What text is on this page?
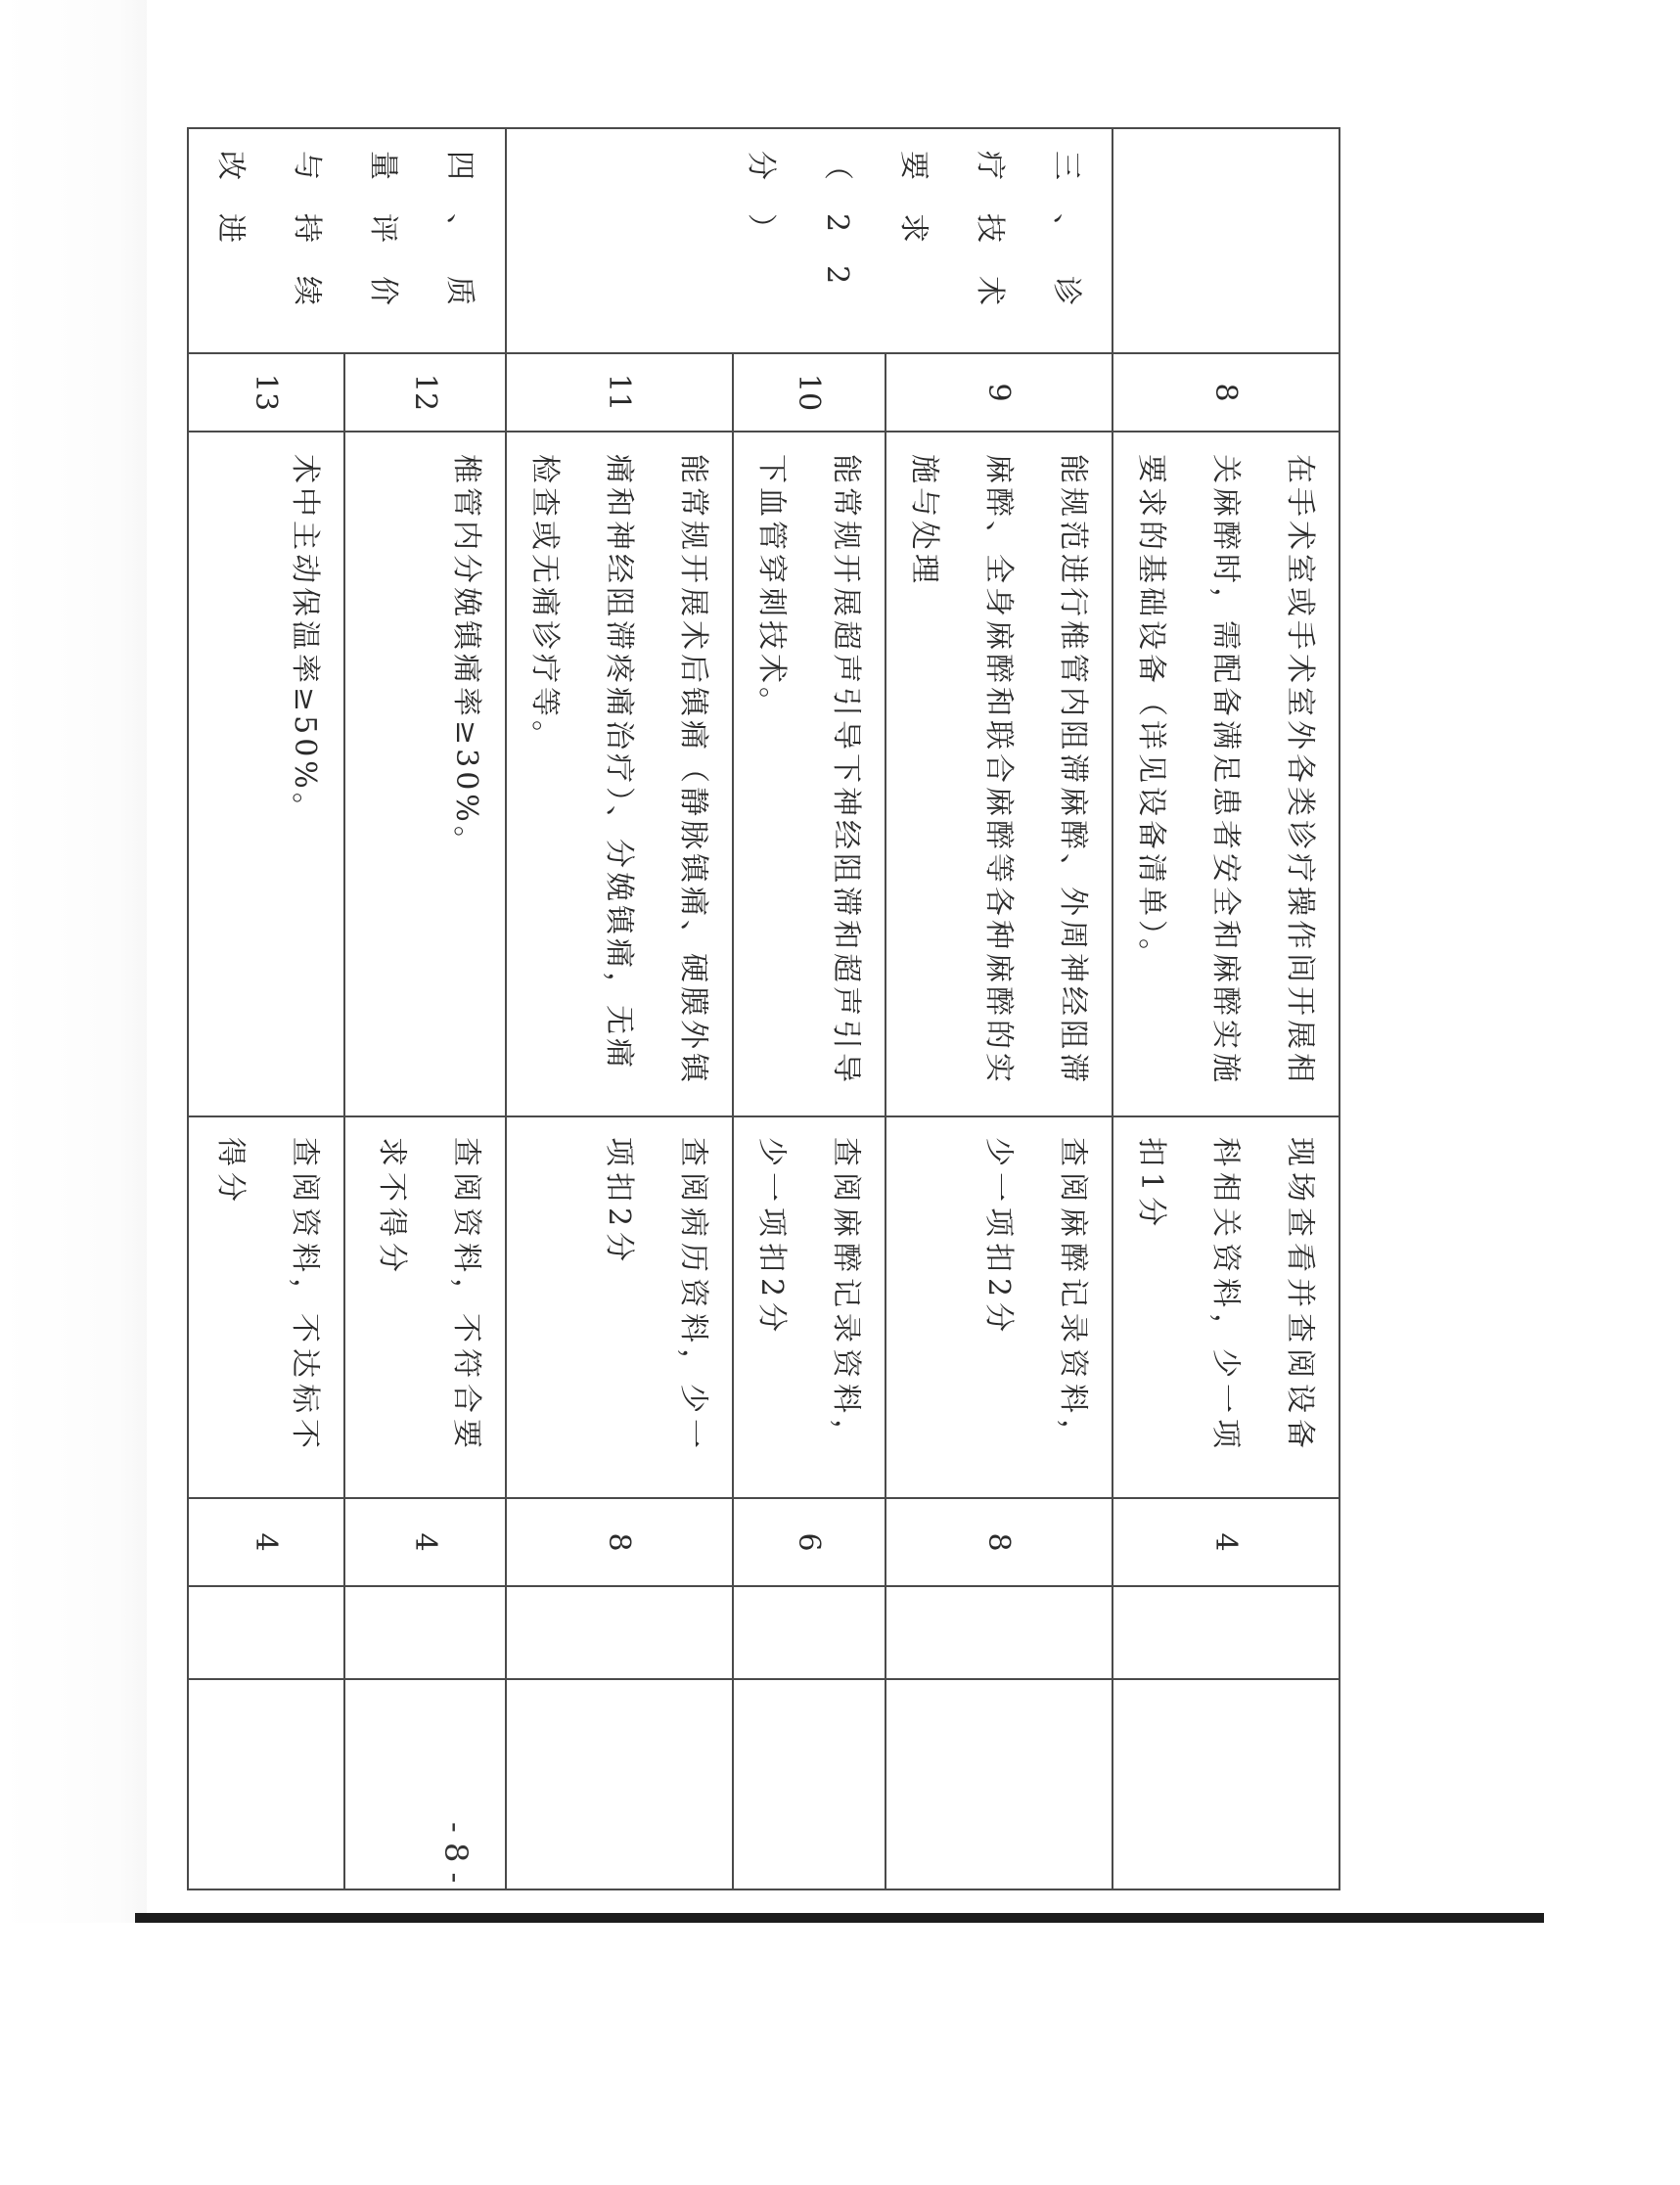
	8	在手术室或手术室外各类诊疗操作间开展相关麻醉时，需配备满足患者安全和麻醉实施要求的基础设备（详见设备清单）。	现场查看并查阅设备科相关资料，少一项扣1分	4		
三、诊疗技术要求（22分）	9	能规范进行椎管内阻滞麻醉、外周神经阻滞麻醉、全身麻醉和联合麻醉等各种麻醉的实施与处理	查阅麻醉记录资料，少一项扣2分	8		
	10	能常规开展超声引导下神经阻滞和超声引导下血管穿刺技术。	查阅麻醉记录资料，少一项扣2分	6		
	11	能常规开展术后镇痛（静脉镇痛、硬膜外镇痛和神经阻滞疼痛治疗）、分娩镇痛，无痛检查或无痛诊疗等。	查阅病历资料，少一项扣2分	8		
四、质量评价与持续改进	12	椎管内分娩镇痛率≥30%。	查阅资料，不符合要求不得分	4		
	13	术中主动保温率≥50%。	查阅资料，不达标不得分	4		
- 8 -
